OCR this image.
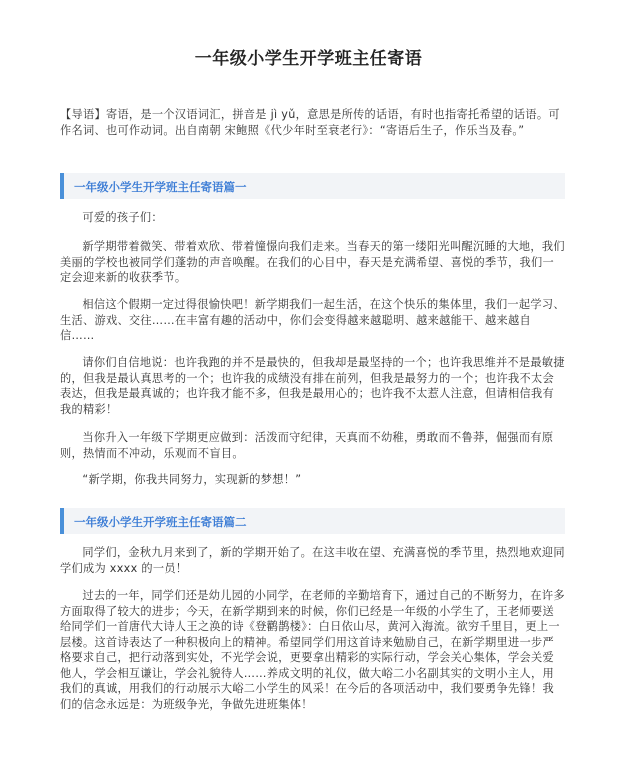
一年级小学生开学班主任寄语
【导语】寄语，是一个汉语词汇，拼音是 jì yǔ，意思是所传的话语，有时也指寄托希望的话语。可作名词、也可作动词。出自南朝 宋鲍照《代少年时至衰老行》：“寄语后生子，作乐当及春。”
一年级小学生开学班主任寄语篇一
可爱的孩子们：
新学期带着微笑、带着欢欣、带着憧憬向我们走来。当春天的第一缕阳光叫醒沉睡的大地，我们美丽的学校也被同学们蓬勃的声音唤醒。在我们的心目中，春天是充满希望、喜悦的季节，我们一定会迎来新的收获季节。
相信这个假期一定过得很愉快吧！新学期我们一起生活，在这个快乐的集体里，我们一起学习、生活、游戏、交往……在丰富有趣的活动中，你们会变得越来越聪明、越来越能干、越来越自信……
请你们自信地说：也许我跑的并不是最快的，但我却是最坚持的一个；也许我思维并不是最敏捷的，但我是最认真思考的一个；也许我的成绩没有排在前列，但我是最努力的一个；也许我不太会表达，但我是最真诚的；也许我才能不多，但我是最用心的；也许我不太惹人注意，但请相信我有我的精彩！
当你升入一年级下学期更应做到：活泼而守纪律，天真而不幼稚，勇敢而不鲁莽，倔强而有原则，热情而不冲动，乐观而不盲目。
“新学期，你我共同努力，实现新的梦想！”
一年级小学生开学班主任寄语篇二
同学们，金秋九月来到了，新的学期开始了。在这丰收在望、充满喜悦的季节里，热烈地欢迎同学们成为 xxxx 的一员！
过去的一年，同学们还是幼儿园的小同学，在老师的辛勤培育下，通过自己的不断努力，在许多方面取得了较大的进步；今天，在新学期到来的时候，你们已经是一年级的小学生了，王老师要送给同学们一首唐代大诗人王之涣的诗《登鹳鹊楼》：白日依山尽，黄河入海流。欲穷千里目，更上一层楼。这首诗表达了一种积极向上的精神。希望同学们用这首诗来勉励自己，在新学期里进一步严格要求自己，把行动落到实处，不光学会说，更要拿出精彩的实际行动，学会关心集体，学会关爱他人，学会相互谦让，学会礼貌待人……养成文明的礼仪，做大峪二小名副其实的文明小主人，用我们的真诚，用我们的行动展示大峪二小学生的风采！在今后的各项活动中，我们要勇争先锋！我们的信念永远是：为班级争光，争做先进班集体！
